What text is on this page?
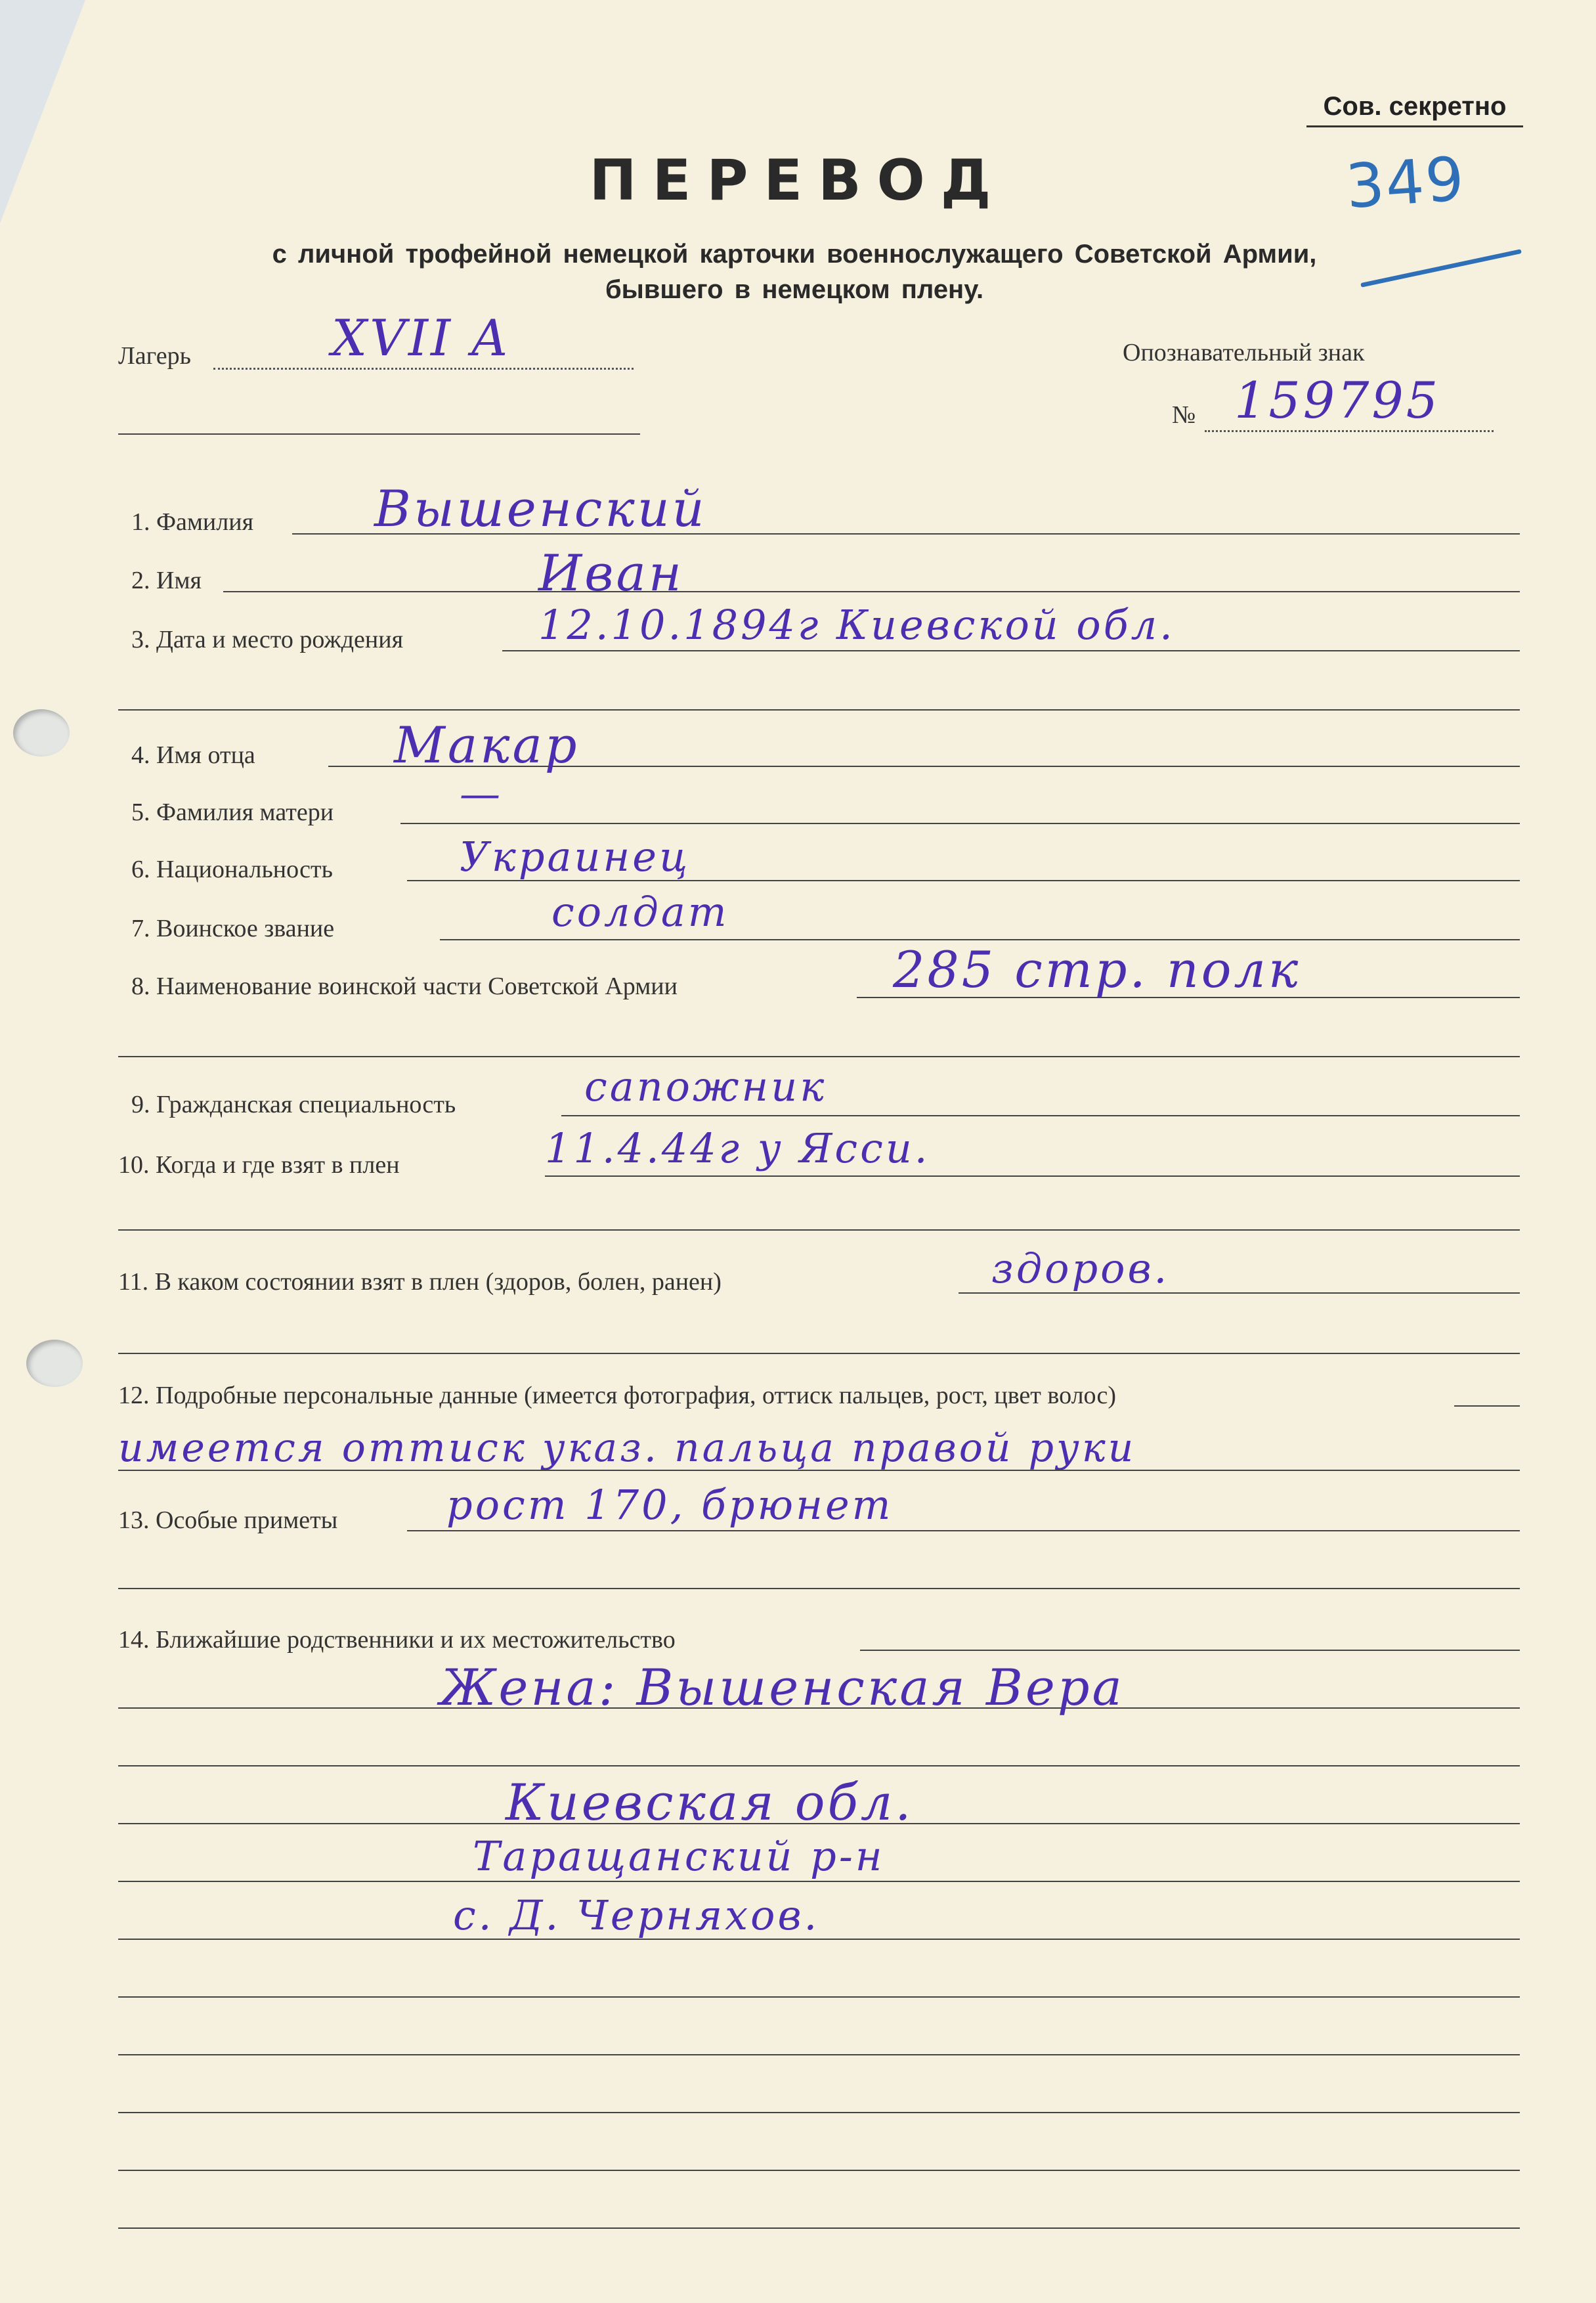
Сов. секретно
349
ПЕРЕВОД
с личной трофейной немецкой карточки военнослужащего Советской Армии,
бывшего в немецком плену.
Лагерь	XVII A	Опознавательный знак
№ 159795
1. Фамилия Вышенский
2. Имя	Иван
3. Дата и место рождения	12.10.1894г Киевской обл.
4. Имя отца	Макар
5. Фамилия матери	—
6. Национальность	Украинец
7. Воинское звание	солдат
8. Наименование воинской части Советской Армии	285 стр. полк
9. Гражданская специальность	сапожник
10. Когда и где взят в плен	11.4.44г у Ясси.
11. В каком состоянии взят в плен (здоров, болен, ранен)	здоров.
12. Подробные персональные данные (имеется фотография, оттиск пальцев, рост, цвет волос)
имеется оттиск указ. пальца правой руки
13. Особые приметы	рост 170, брюнет
14. Ближайшие родственники и их местожительство
Жена: Вышенская Вера
Киевская обл.
Таращанский р-н
с. Д. Черняхов.
